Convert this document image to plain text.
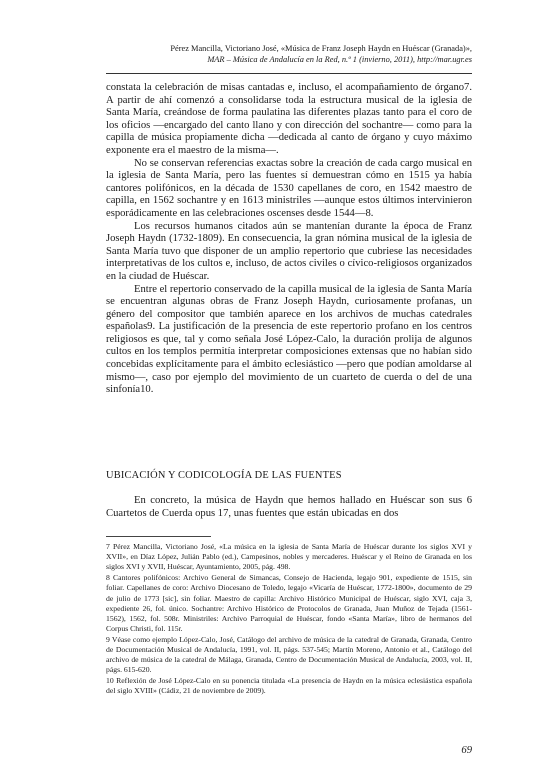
Pérez Mancilla, Victoriano José, «Música de Franz Joseph Haydn en Huéscar (Granada)»,
MAR – Música de Andalucía en la Red, n.º 1 (invierno, 2011), http://mar.ugr.es

constata la celebración de misas cantadas e, incluso, el acompañamiento de órgano7. A partir de ahí comenzó a consolidarse toda la estructura musical de la iglesia de Santa María, creándose de forma paulatina las diferentes plazas tanto para el coro de los oficios —encargado del canto llano y con dirección del sochantre— como para la capilla de música propiamente dicha —dedicada al canto de órgano y cuyo máximo exponente era el maestro de la misma—.

No se conservan referencias exactas sobre la creación de cada cargo musical en la iglesia de Santa María, pero las fuentes sí demuestran cómo en 1515 ya había cantores polifónicos, en la década de 1530 capellanes de coro, en 1542 maestro de capilla, en 1562 sochantre y en 1613 ministriles —aunque estos últimos intervinieron esporádicamente en las celebraciones oscenses desde 1544—8.

Los recursos humanos citados aún se mantenían durante la época de Franz Joseph Haydn (1732-1809). En consecuencia, la gran nómina musical de la iglesia de Santa María tuvo que disponer de un amplio repertorio que cubriese las necesidades interpretativas de los cultos e, incluso, de actos civiles o cívico-religiosos organizados en la ciudad de Huéscar.

Entre el repertorio conservado de la capilla musical de la iglesia de Santa María se encuentran algunas obras de Franz Joseph Haydn, curiosamente profanas, un género del compositor que también aparece en los archivos de muchas catedrales españolas9. La justificación de la presencia de este repertorio profano en los centros religiosos es que, tal y como señala José López-Calo, la duración prolija de algunos cultos en los templos permitía interpretar composiciones extensas que no habían sido concebidas explícitamente para el ámbito eclesiástico —pero que podían amoldarse al mismo—, caso por ejemplo del movimiento de un cuarteto de cuerda o del de una sinfonía10.

UBICACIÓN Y CODICOLOGÍA DE LAS FUENTES
En concreto, la música de Haydn que hemos hallado en Huéscar son sus 6 Cuartetos de Cuerda opus 17, unas fuentes que están ubicadas en dos

7 Pérez Mancilla, Victoriano José, «La música en la iglesia de Santa María de Huéscar durante los siglos XVI y XVII», en Díaz López, Julián Pablo (ed.), Campesinos, nobles y mercaderes. Huéscar y el Reino de Granada en los siglos XVI y XVII, Huéscar, Ayuntamiento, 2005, pág. 498.

8 Cantores polifónicos: Archivo General de Simancas, Consejo de Hacienda, legajo 901, expediente de 1515, sin foliar. Capellanes de coro: Archivo Diocesano de Toledo, legajo «Vicaría de Huéscar, 1772-1800», documento de 29 de julio de 1773 [sic], sin foliar. Maestro de capilla: Archivo Histórico Municipal de Huéscar, siglo XVI, caja 3, expediente 26, fol. único. Sochantre: Archivo Histórico de Protocolos de Granada, Juan Muñoz de Tejada (1561-1562), 1562, fol. 508r. Ministriles: Archivo Parroquial de Huéscar, fondo «Santa María», libro de hermanos del Corpus Christi, fol. 115r.

9 Véase como ejemplo López-Calo, José, Catálogo del archivo de música de la catedral de Granada, Granada, Centro de Documentación Musical de Andalucía, 1991, vol. II, págs. 537-545; Martín Moreno, Antonio et al., Catálogo del archivo de música de la catedral de Málaga, Granada, Centro de Documentación Musical de Andalucía, 2003, vol. II, págs. 615-620.

10 Reflexión de José López-Calo en su ponencia titulada «La presencia de Haydn en la música eclesiástica española del siglo XVIII» (Cádiz, 21 de noviembre de 2009).

69
